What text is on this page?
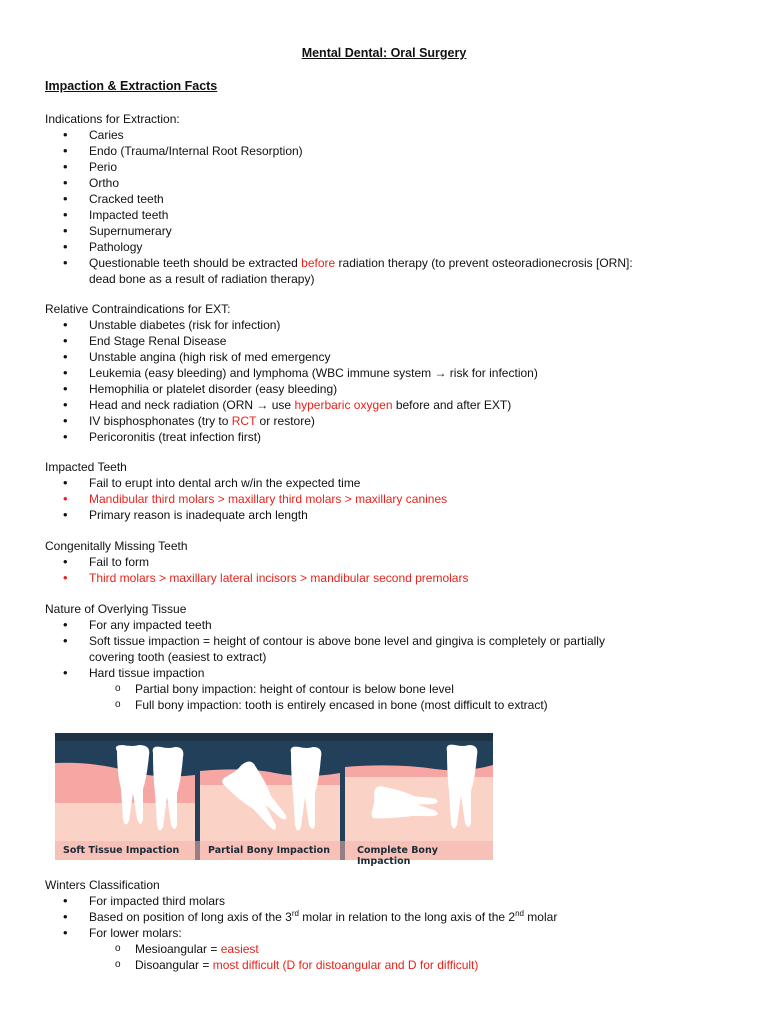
Mental Dental: Oral Surgery
Impaction & Extraction Facts
Indications for Extraction:
• Caries
• Endo (Trauma/Internal Root Resorption)
• Perio
• Ortho
• Cracked teeth
• Impacted teeth
• Supernumerary
• Pathology
• Questionable teeth should be extracted before radiation therapy (to prevent osteoradionecrosis [ORN]:
dead bone as a result of radiation therapy)
Relative Contraindications for EXT:
• Unstable diabetes (risk for infection)
• End Stage Renal Disease
• Unstable angina (high risk of med emergency
• Leukemia (easy bleeding) and lymphoma (WBC immune system → risk for infection)
• Hemophilia or platelet disorder (easy bleeding)
• Head and neck radiation (ORN → use hyperbaric oxygen before and after EXT)
• IV bisphosphonates (try to RCT or restore)
• Pericoronitis (treat infection first)
Impacted Teeth
• Fail to erupt into dental arch w/in the expected time
• Mandibular third molars > maxillary third molars > maxillary canines
• Primary reason is inadequate arch length
Congenitally Missing Teeth
• Fail to form
• Third molars > maxillary lateral incisors > mandibular second premolars
Nature of Overlying Tissue
• For any impacted teeth
• Soft tissue impaction = height of contour is above bone level and gingiva is completely or partially
covering tooth (easiest to extract)
• Hard tissue impaction
o Partial bony impaction: height of contour is below bone level
o Full bony impaction: tooth is entirely encased in bone (most difficult to extract)
Soft Tissue Impaction	Partial Bony Impaction	Complete Bony Impaction
Winters Classification
• For impacted third molars
• Based on position of long axis of the 3rd molar in relation to the long axis of the 2nd molar
• For lower molars:
o Mesioangular = easiest
o Disoangular = most difficult (D for distoangular and D for difficult)
